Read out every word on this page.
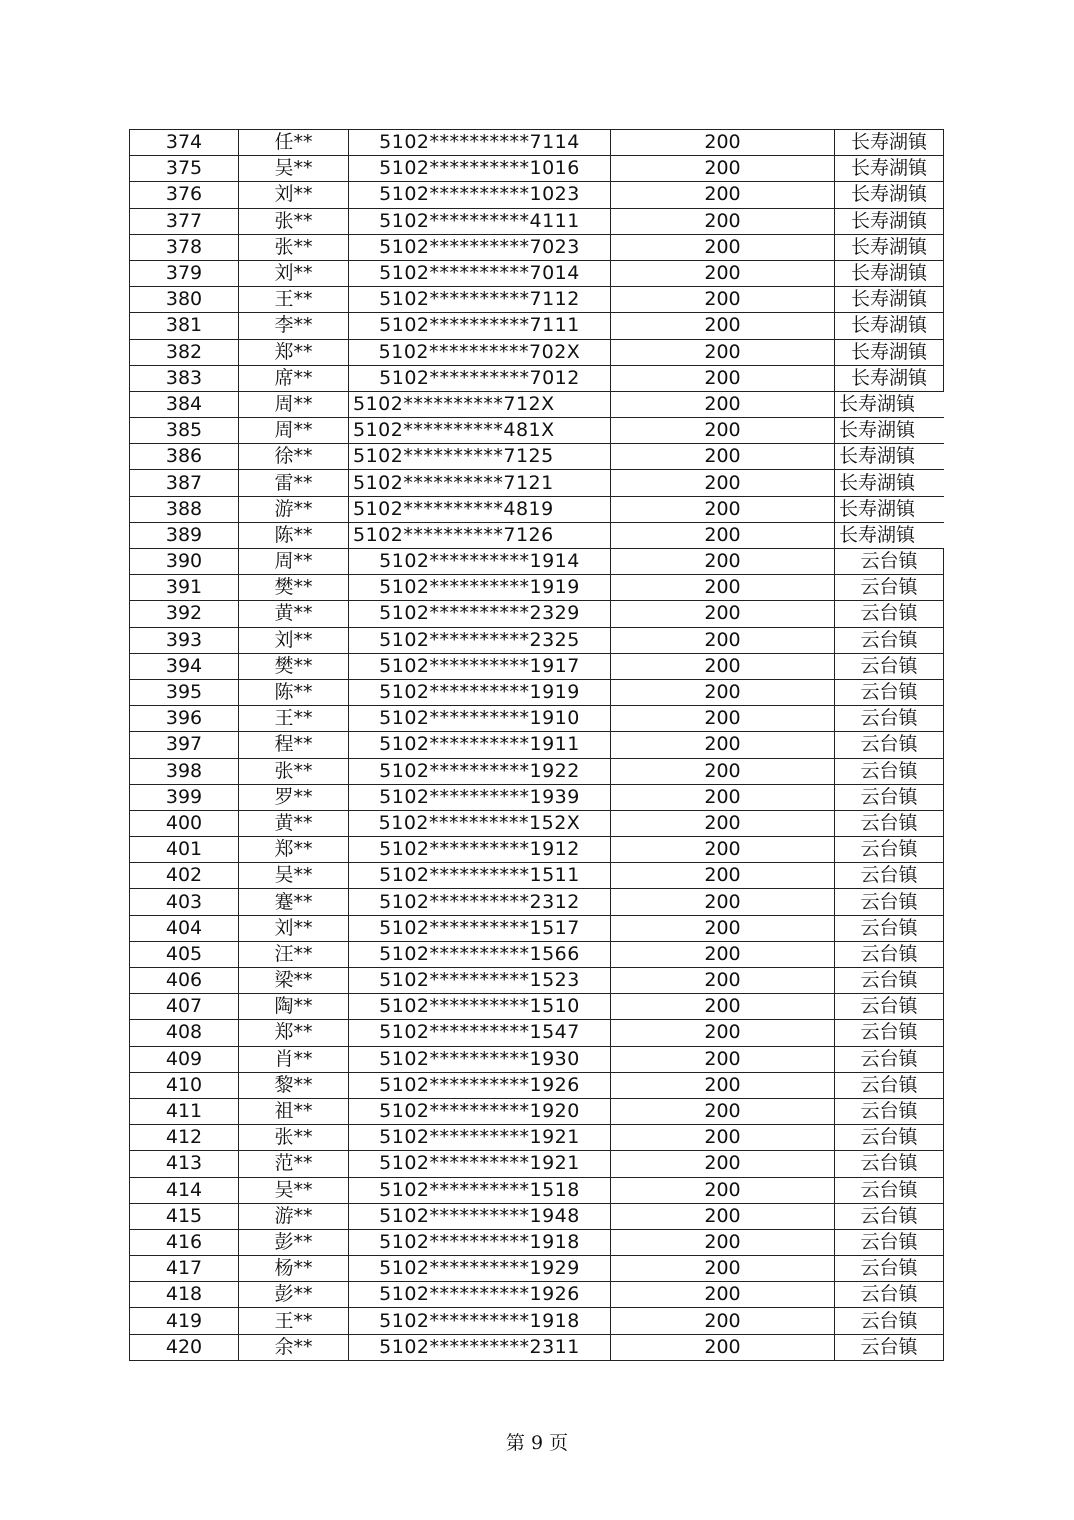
374	任**	5102**********7114	200	长寿湖镇
375	吴**	5102**********1016	200	长寿湖镇
376	刘**	5102**********1023	200	长寿湖镇
377	张**	5102**********4111	200	长寿湖镇
378	张**	5102**********7023	200	长寿湖镇
379	刘**	5102**********7014	200	长寿湖镇
380	王**	5102**********7112	200	长寿湖镇
381	李**	5102**********7111	200	长寿湖镇
382	郑**	5102**********702X	200	长寿湖镇
383	席**	5102**********7012	200	长寿湖镇
384	周**	5102**********712X	200	长寿湖镇
385	周**	5102**********481X	200	长寿湖镇
386	徐**	5102**********7125	200	长寿湖镇
387	雷**	5102**********7121	200	长寿湖镇
388	游**	5102**********4819	200	长寿湖镇
389	陈**	5102**********7126	200	长寿湖镇
390	周**	5102**********1914	200	云台镇
391	樊**	5102**********1919	200	云台镇
392	黄**	5102**********2329	200	云台镇
393	刘**	5102**********2325	200	云台镇
394	樊**	5102**********1917	200	云台镇
395	陈**	5102**********1919	200	云台镇
396	王**	5102**********1910	200	云台镇
397	程**	5102**********1911	200	云台镇
398	张**	5102**********1922	200	云台镇
399	罗**	5102**********1939	200	云台镇
400	黄**	5102**********152X	200	云台镇
401	郑**	5102**********1912	200	云台镇
402	吴**	5102**********1511	200	云台镇
403	蹇**	5102**********2312	200	云台镇
404	刘**	5102**********1517	200	云台镇
405	汪**	5102**********1566	200	云台镇
406	梁**	5102**********1523	200	云台镇
407	陶**	5102**********1510	200	云台镇
408	郑**	5102**********1547	200	云台镇
409	肖**	5102**********1930	200	云台镇
410	黎**	5102**********1926	200	云台镇
411	祖**	5102**********1920	200	云台镇
412	张**	5102**********1921	200	云台镇
413	范**	5102**********1921	200	云台镇
414	吴**	5102**********1518	200	云台镇
415	游**	5102**********1948	200	云台镇
416	彭**	5102**********1918	200	云台镇
417	杨**	5102**********1929	200	云台镇
418	彭**	5102**********1926	200	云台镇
419	王**	5102**********1918	200	云台镇
420	余**	5102**********2311	200	云台镇
第 9 页
